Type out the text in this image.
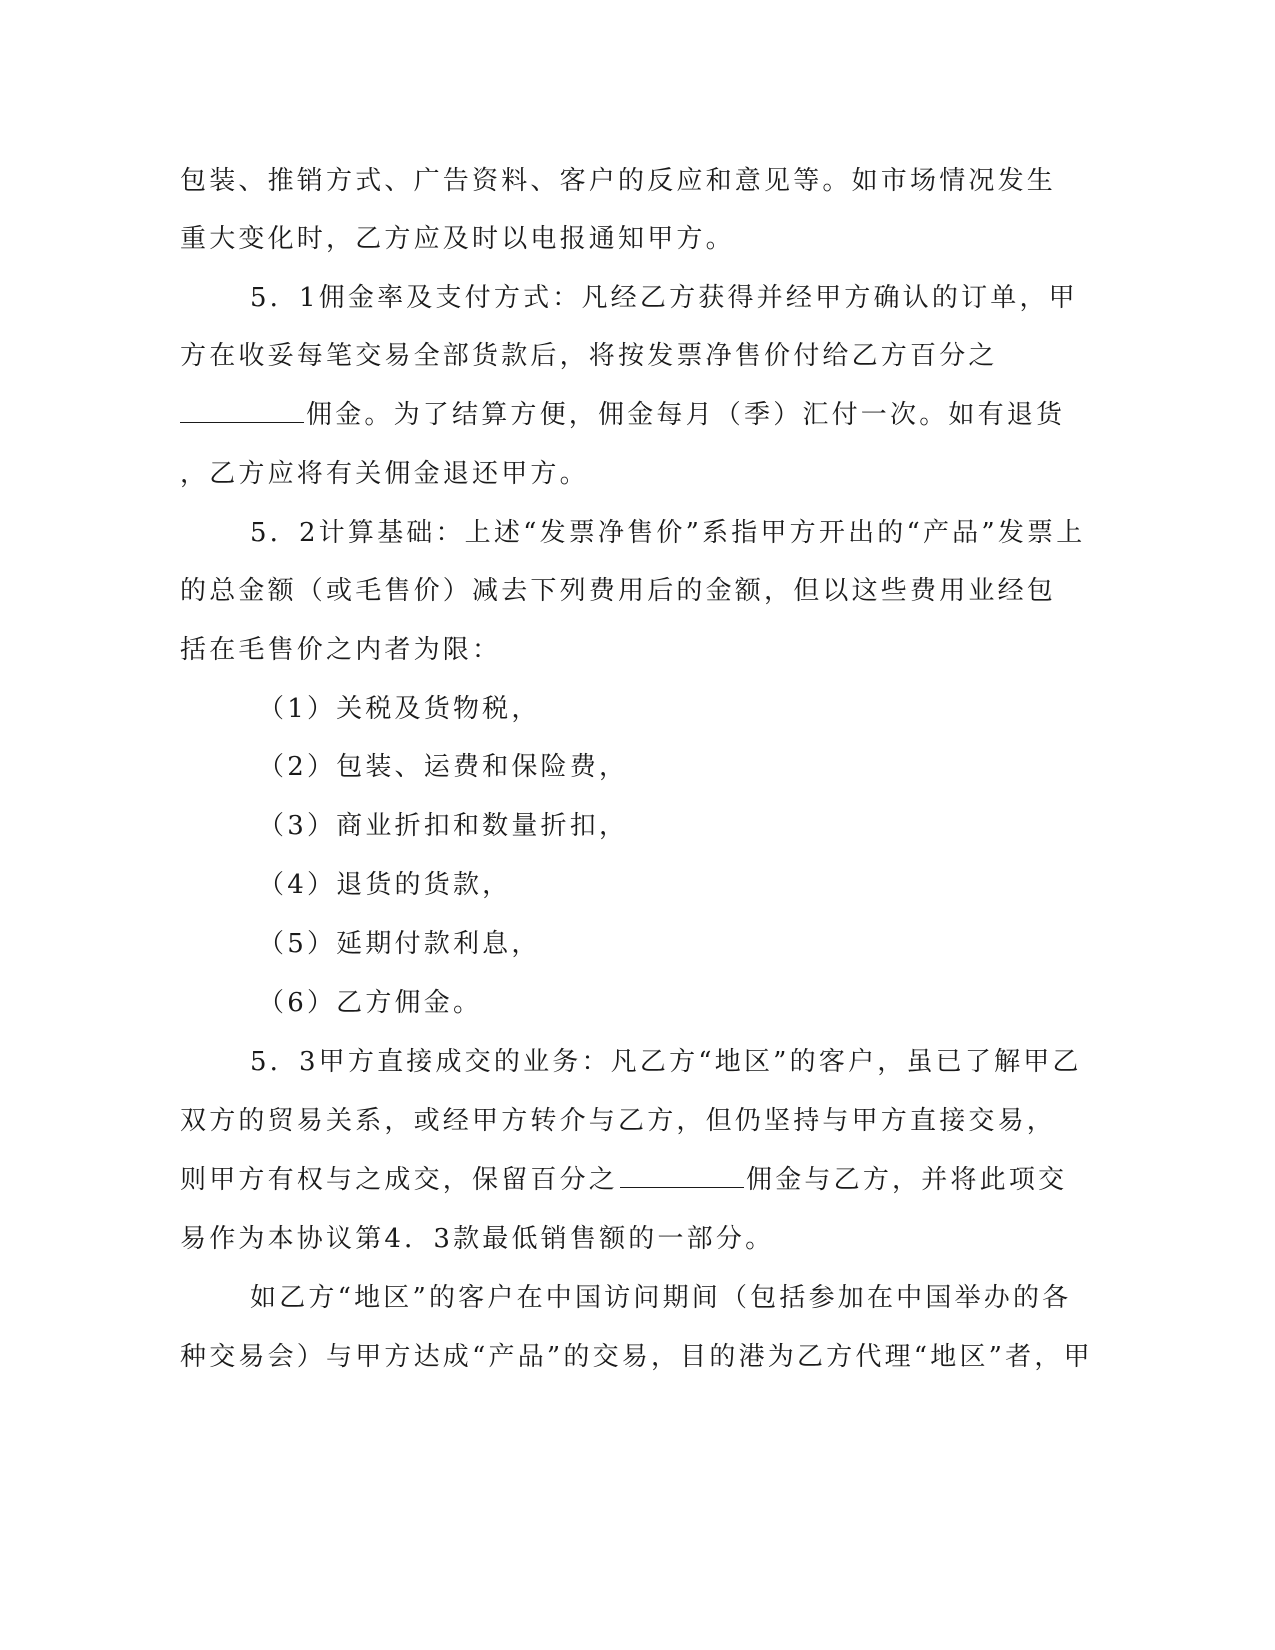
包装、推销方式、广告资料、客户的反应和意见等。如市场情况发生
重大变化时，乙方应及时以电报通知甲方。
5．1佣金率及支付方式：凡经乙方获得并经甲方确认的订单，甲
方在收妥每笔交易全部货款后，将按发票净售价付给乙方百分之
佣金。为了结算方便，佣金每月（季）汇付一次。如有退货
，乙方应将有关佣金退还甲方。
5．2计算基础：上述“发票净售价”系指甲方开出的“产品”发票上
的总金额（或毛售价）减去下列费用后的金额，但以这些费用业经包
括在毛售价之内者为限：
（1）关税及货物税，
（2）包装、运费和保险费，
（3）商业折扣和数量折扣，
（4）退货的货款，
（5）延期付款利息，
（6）乙方佣金。
5．3甲方直接成交的业务：凡乙方“地区”的客户，虽已了解甲乙
双方的贸易关系，或经甲方转介与乙方，但仍坚持与甲方直接交易，
则甲方有权与之成交，保留百分之	佣金与乙方，并将此项交
易作为本协议第4．3款最低销售额的一部分。
如乙方“地区”的客户在中国访问期间（包括参加在中国举办的各
种交易会）与甲方达成“产品”的交易，目的港为乙方代理“地区”者，甲
